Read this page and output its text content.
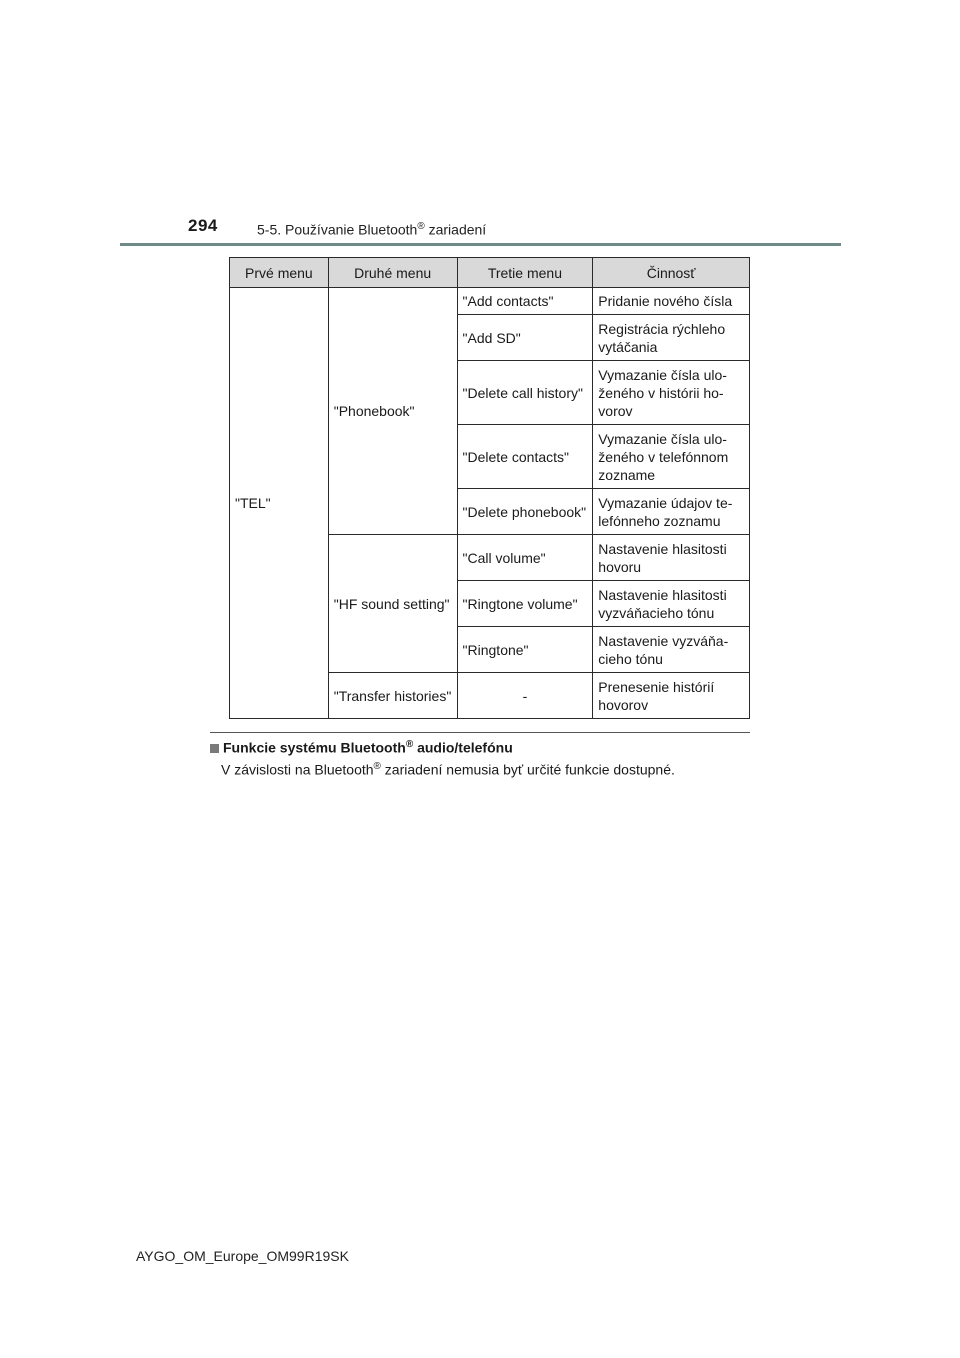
294	5-5. Používanie Bluetooth® zariadení
Prvé menu	Druhé menu	Tretie menu	Činnosť
"TEL"	"Phonebook"	"Add contacts"	Pridanie nového čísla
		"Add SD"	Registrácia rýchleho vytáčania
		"Delete call history"	Vymazanie čísla ulo-ženého v histórii ho-vorov
		"Delete contacts"	Vymazanie čísla ulo-ženého v telefónnom zozname
		"Delete phonebook"	Vymazanie údajov te-lefónneho zoznamu
	"HF sound setting"	"Call volume"	Nastavenie hlasitosti hovoru
		"Ringtone volume"	Nastavenie hlasitosti vyzváňacieho tónu
		"Ringtone"	Nastavenie vyzváňa-cieho tónu
	"Transfer histories"	-	Prenesenie histórií hovorov
Funkcie systému Bluetooth® audio/telefónu
V závislosti na Bluetooth® zariadení nemusia byť určité funkcie dostupné.
AYGO_OM_Europe_OM99R19SK
